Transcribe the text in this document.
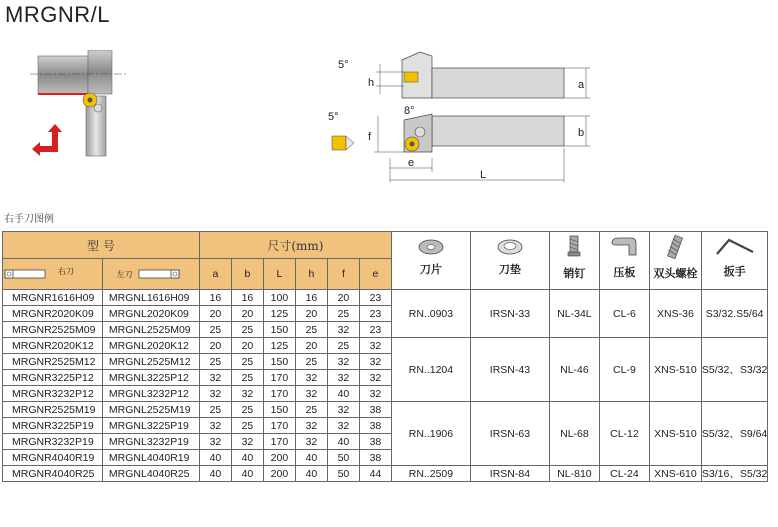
MRGNR/L
h	a
5°
f	b
e
L
5°	8°
右手刀图例
型 号		尺寸(mm)						刀片	刀垫	销钉	压板	双头螺栓	扳手

$^{右刀}$	左刀	a	b	L	h	f	e						
MRGNR1616H09	MRGNL1616H09	16	16	100	16	20	23	RN..0903	IRSN-33	NL-34L	CL-6	XNS-36	S3/32.S5/64
MRGNR2020K09	MRGNL2020K09	20	20	125	20	25	23						
MRGNR2525M09	MRGNL2525M09	25	25	150	25	32	23						
MRGNR2020K12	MRGNL2020K12	20	20	125	20	25	32	RN..1204	IRSN-43	NL-46	CL-9	XNS-510	S5/32、S3/32
MRGNR2525M12	MRGNL2525M12	25	25	150	25	32	32						
MRGNR3225P12	MRGNL3225P12	32	25	170	32	32	32						
MRGNR3232P12	MRGNL3232P12	32	32	170	32	40	32						
MRGNR2525M19	MRGNL2525M19	25	25	150	25	32	38	RN..1906	IRSN-63	NL-68	CL-12	XNS-510	S5/32、S9/64
MRGNR3225P19	MRGNL3225P19	32	25	170	32	32	38						
MRGNR3232P19	MRGNL3232P19	32	32	170	32	40	38						
MRGNR4040R19	MRGNL4040R19	40	40	200	40	50	38						
MRGNR4040R25	MRGNL4040R25	40	40	200	40	50	44	RN..2509	IRSN-84	NL-810	CL-24	XNS-610	S3/16、S5/32
